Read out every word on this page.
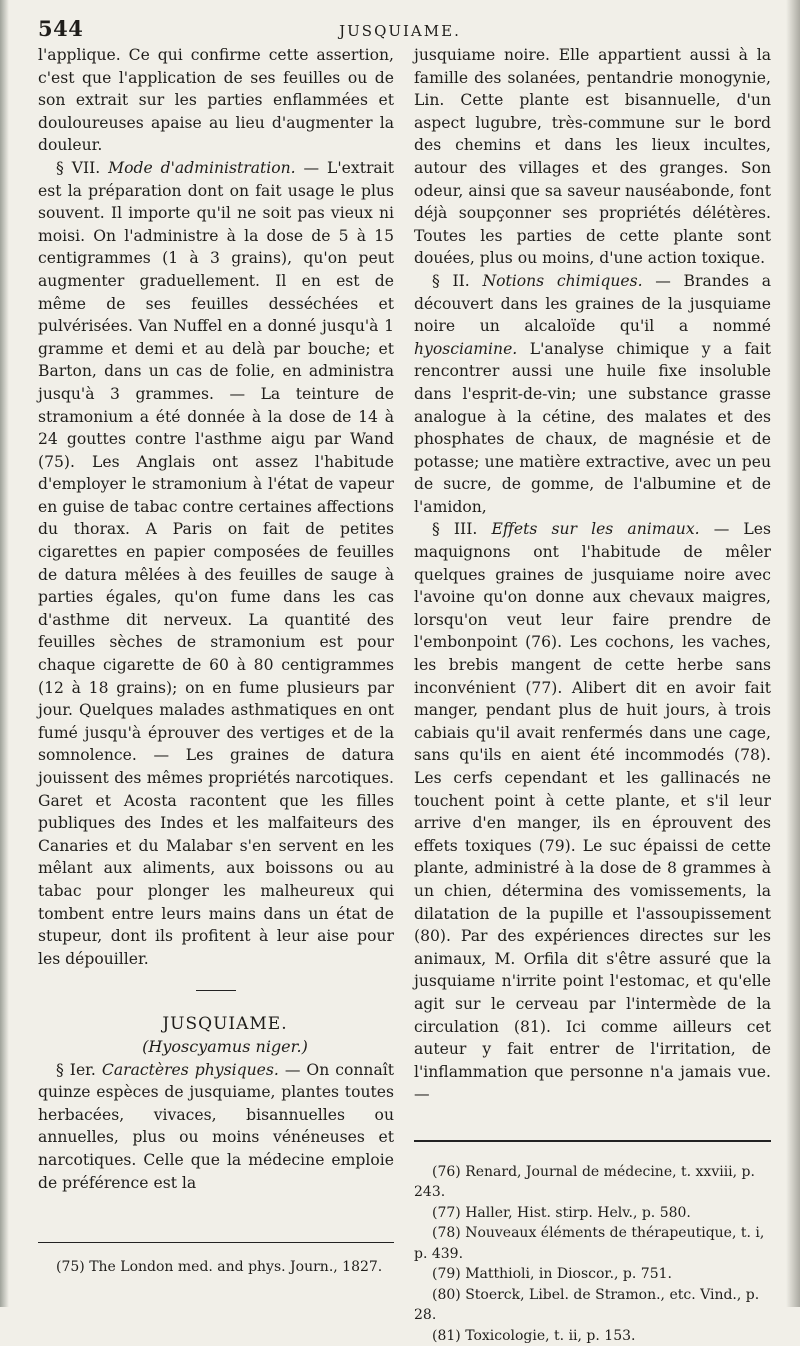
544	JUSQUIAME.

l'applique. Ce qui confirme cette assertion, c'est que l'application de ses feuilles ou de son extrait sur les parties enflammées et douloureuses apaise au lieu d'augmenter la douleur.

§ VII. Mode d'administration. — L'extrait est la préparation dont on fait usage le plus souvent. Il importe qu'il ne soit pas vieux ni moisi. On l'administre à la dose de 5 à 15 centigrammes (1 à 3 grains), qu'on peut augmenter graduellement. Il en est de même de ses feuilles desséchées et pulvérisées. Van Nuffel en a donné jusqu'à 1 gramme et demi et au delà par bouche; et Barton, dans un cas de folie, en administra jusqu'à 3 grammes. — La teinture de stramonium a été donnée à la dose de 14 à 24 gouttes contre l'asthme aigu par Wand (75). Les Anglais ont assez l'habitude d'employer le stramonium à l'état de vapeur en guise de tabac contre certaines affections du thorax. A Paris on fait de petites cigarettes en papier composées de feuilles de datura mêlées à des feuilles de sauge à parties égales, qu'on fume dans les cas d'asthme dit nerveux. La quantité des feuilles sèches de stramonium est pour chaque cigarette de 60 à 80 centigrammes (12 à 18 grains); on en fume plusieurs par jour. Quelques malades asthmatiques en ont fumé jusqu'à éprouver des vertiges et de la somnolence. — Les graines de datura jouissent des mêmes propriétés narcotiques. Garet et Acosta racontent que les filles publiques des Indes et les malfaiteurs des Canaries et du Malabar s'en servent en les mêlant aux aliments, aux boissons ou au tabac pour plonger les malheureux qui tombent entre leurs mains dans un état de stupeur, dont ils profitent à leur aise pour les dépouiller.

JUSQUIAME.

(Hyoscyamus niger.)

§ Ier. Caractères physiques. — On connaît quinze espèces de jusquiame, plantes toutes herbacées, vivaces, bisannuelles ou annuelles, plus ou moins vénéneuses et narcotiques. Celle que la médecine emploie de préférence est la

(75) The London med. and phys. Journ., 1827.

jusquiame noire. Elle appartient aussi à la famille des solanées, pentandrie monogynie, Lin. Cette plante est bisannuelle, d'un aspect lugubre, très-commune sur le bord des chemins et dans les lieux incultes, autour des villages et des granges. Son odeur, ainsi que sa saveur nauséabonde, font déjà soupçonner ses propriétés délétères. Toutes les parties de cette plante sont douées, plus ou moins, d'une action toxique.

§ II. Notions chimiques. — Brandes a découvert dans les graines de la jusquiame noire un alcaloïde qu'il a nommé hyosciamine. L'analyse chimique y a fait rencontrer aussi une huile fixe insoluble dans l'esprit-de-vin; une substance grasse analogue à la cétine, des malates et des phosphates de chaux, de magnésie et de potasse; une matière extractive, avec un peu de sucre, de gomme, de l'albumine et de l'amidon,

§ III. Effets sur les animaux. — Les maquignons ont l'habitude de mêler quelques graines de jusquiame noire avec l'avoine qu'on donne aux chevaux maigres, lorsqu'on veut leur faire prendre de l'embonpoint (76). Les cochons, les vaches, les brebis mangent de cette herbe sans inconvénient (77). Alibert dit en avoir fait manger, pendant plus de huit jours, à trois cabiais qu'il avait renfermés dans une cage, sans qu'ils en aient été incommodés (78). Les cerfs cependant et les gallinacés ne touchent point à cette plante, et s'il leur arrive d'en manger, ils en éprouvent des effets toxiques (79). Le suc épaissi de cette plante, administré à la dose de 8 grammes à un chien, détermina des vomissements, la dilatation de la pupille et l'assoupissement (80). Par des expériences directes sur les animaux, M. Orfila dit s'être assuré que la jusquiame n'irrite point l'estomac, et qu'elle agit sur le cerveau par l'intermède de la circulation (81). Ici comme ailleurs cet auteur y fait entrer de l'irritation, de l'inflammation que personne n'a jamais vue.—

(76) Renard, Journal de médecine, t. xxviii, p. 243.

(77) Haller, Hist. stirp. Helv., p. 580.

(78) Nouveaux éléments de thérapeutique, t. i, p. 439.

(79) Matthioli, in Dioscor., p. 751.

(80) Stoerck, Libel. de Stramon., etc. Vind., p. 28.

(81) Toxicologie, t. ii, p. 153.
